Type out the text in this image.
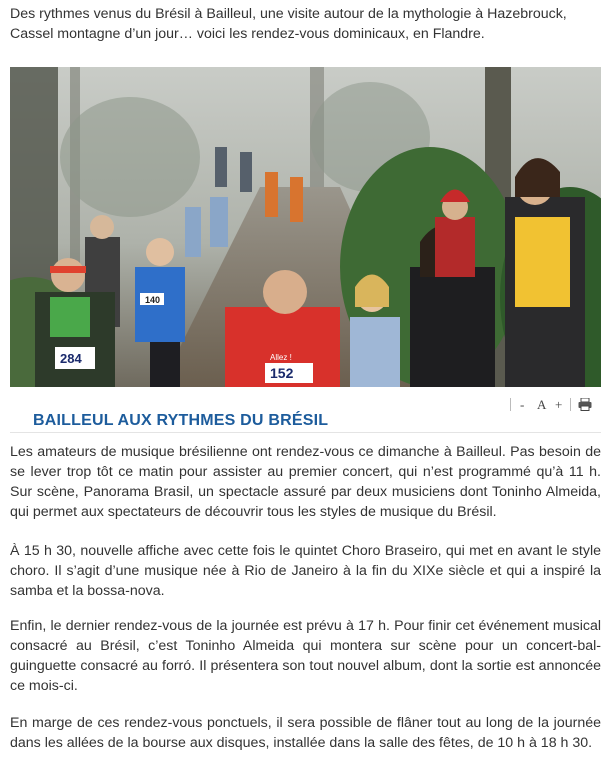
Des rythmes venus du Brésil à Bailleul, une visite autour de la mythologie à Hazebrouck, Cassel montagne d’un jour… voici les rendez-vous dominicaux, en Flandre.
140
284
152
Allez !
- A +
BAILLEUL AUX RYTHMES DU BRÉSIL
Les amateurs de musique brésilienne ont rendez-vous ce dimanche à Bailleul. Pas besoin de se lever trop tôt ce matin pour assister au premier concert, qui n’est programmé qu’à 11 h. Sur scène, Panorama Brasil, un spectacle assuré par deux musiciens dont Toninho Almeida, qui permet aux spectateurs de découvrir tous les styles de musique du Brésil.
À 15 h 30, nouvelle affiche avec cette fois le quintet Choro Braseiro, qui met en avant le style choro. Il s’agit d’une musique née à Rio de Janeiro à la fin du XIXe siècle et qui a inspiré la samba et la bossa-nova.
Enfin, le dernier rendez-vous de la journée est prévu à 17 h. Pour finir cet événement musical consacré au Brésil, c’est Toninho Almeida qui montera sur scène pour un concert-bal-guinguette consacré au forró. Il présentera son tout nouvel album, dont la sortie est annoncée ce mois-ci.
En marge de ces rendez-vous ponctuels, il sera possible de flâner tout au long de la journée dans les allées de la bourse aux disques, installée dans la salle des fêtes, de 10 h à 18 h 30.
